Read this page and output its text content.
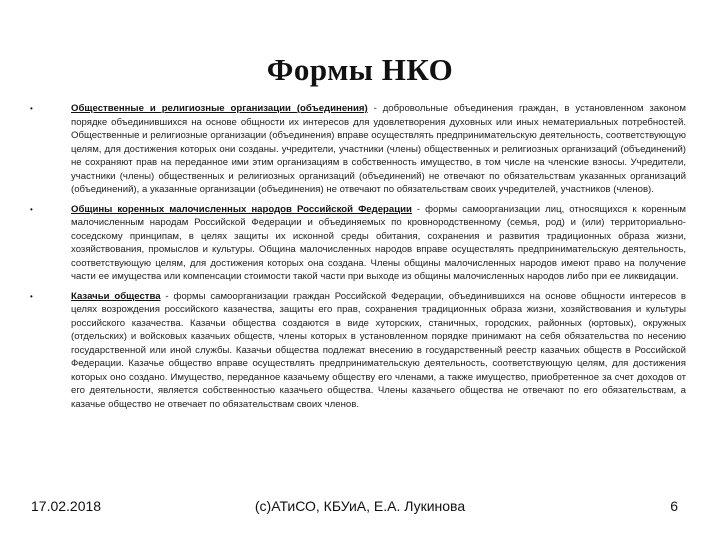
Формы НКО
•	Общественные и религиозные организации (объединения) - добровольные объединения граждан, в установленном законом порядке объединившихся на основе общности их интересов для удовлетворения духовных или иных нематериальных потребностей. Общественные и религиозные организации (объединения) вправе осуществлять предпринимательскую деятельность, соответствующую целям, для достижения которых они созданы. учредители, участники (члены) общественных и религиозных организаций (объединений) не сохраняют прав на переданное ими этим организациям в собственность имущество, в том числе на членские взносы. Учредители, участники (члены) общественных и религиозных организаций (объединений) не отвечают по обязательствам указанных организаций (объединений), а указанные организации (объединения) не отвечают по обязательствам своих учредителей, участников (членов).

•	Общины коренных малочисленных народов Российской Федерации - формы самоорганизации лиц, относящихся к коренным малочисленным народам Российской Федерации и объединяемых по кровнородственному (семья, род) и (или) территориально-соседскому принципам, в целях защиты их исконной среды обитания, сохранения и развития традиционных образа жизни, хозяйствования, промыслов и культуры. Община малочисленных народов вправе осуществлять предпринимательскую деятельность, соответствующую целям, для достижения которых она создана. Члены общины малочисленных народов имеют право на получение части ее имущества или компенсации стоимости такой части при выходе из общины малочисленных народов либо при ее ликвидации.

•	Казачьи общества - формы самоорганизации граждан Российской Федерации, объединившихся на основе общности интересов в целях возрождения российского казачества, защиты его прав, сохранения традиционных образа жизни, хозяйствования и культуры российского казачества. Казачьи общества создаются в виде хуторских, станичных, городских, районных (юртовых), окружных (отдельских) и войсковых казачьих обществ, члены которых в установленном порядке принимают на себя обязательства по несению государственной или иной службы. Казачьи общества подлежат внесению в государственный реестр казачьих обществ в Российской Федерации. Казачье общество вправе осуществлять предпринимательскую деятельность, соответствующую целям, для достижения которых оно создано. Имущество, переданное казачьему обществу его членами, а также имущество, приобретенное за счет доходов от его деятельности, является собственностью казачьего общества. Члены казачьего общества не отвечают по его обязательствам, а казачье общество не отвечает по обязательствам своих членов.

17.02.2018	(c)АТиСО, КБУиА, Е.А. Лукинова	6
